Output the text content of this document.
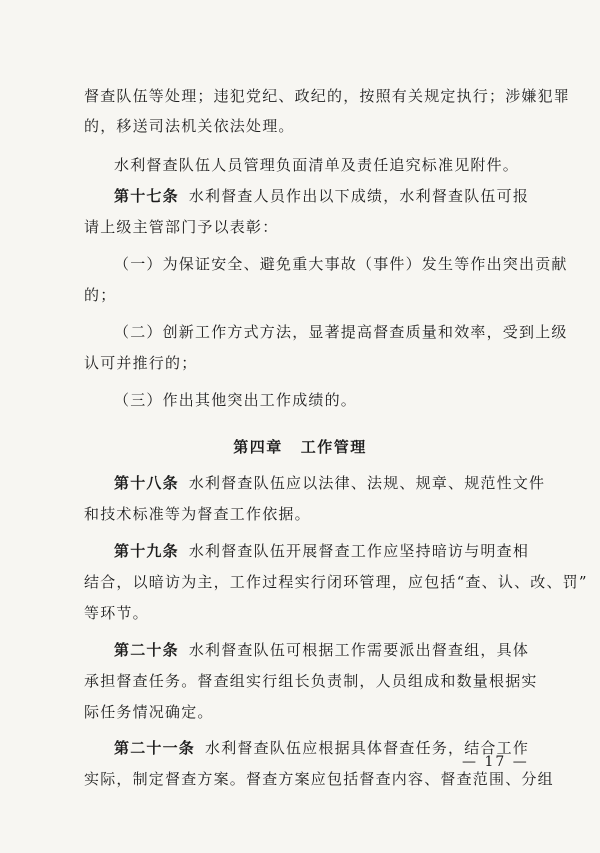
督查队伍等处理；违犯党纪、政纪的，按照有关规定执行；涉嫌犯罪
的，移送司法机关依法处理。
水利督查队伍人员管理负面清单及责任追究标准见附件。
第十七条 水利督查人员作出以下成绩，水利督查队伍可报
请上级主管部门予以表彰：
（一）为保证安全、避免重大事故（事件）发生等作出突出贡献
的；
（二）创新工作方式方法，显著提高督查质量和效率，受到上级
认可并推行的；
（三）作出其他突出工作成绩的。
第四章 工作管理
第十八条 水利督查队伍应以法律、法规、规章、规范性文件
和技术标准等为督查工作依据。
第十九条 水利督查队伍开展督查工作应坚持暗访与明查相
结合，以暗访为主，工作过程实行闭环管理，应包括“查、认、改、罚”
等环节。
第二十条 水利督查队伍可根据工作需要派出督查组，具体
承担督查任务。督查组实行组长负责制，人员组成和数量根据实
际任务情况确定。
第二十一条 水利督查队伍应根据具体督查任务，结合工作
实际，制定督查方案。督查方案应包括督查内容、督查范围、分组
— 17 —
